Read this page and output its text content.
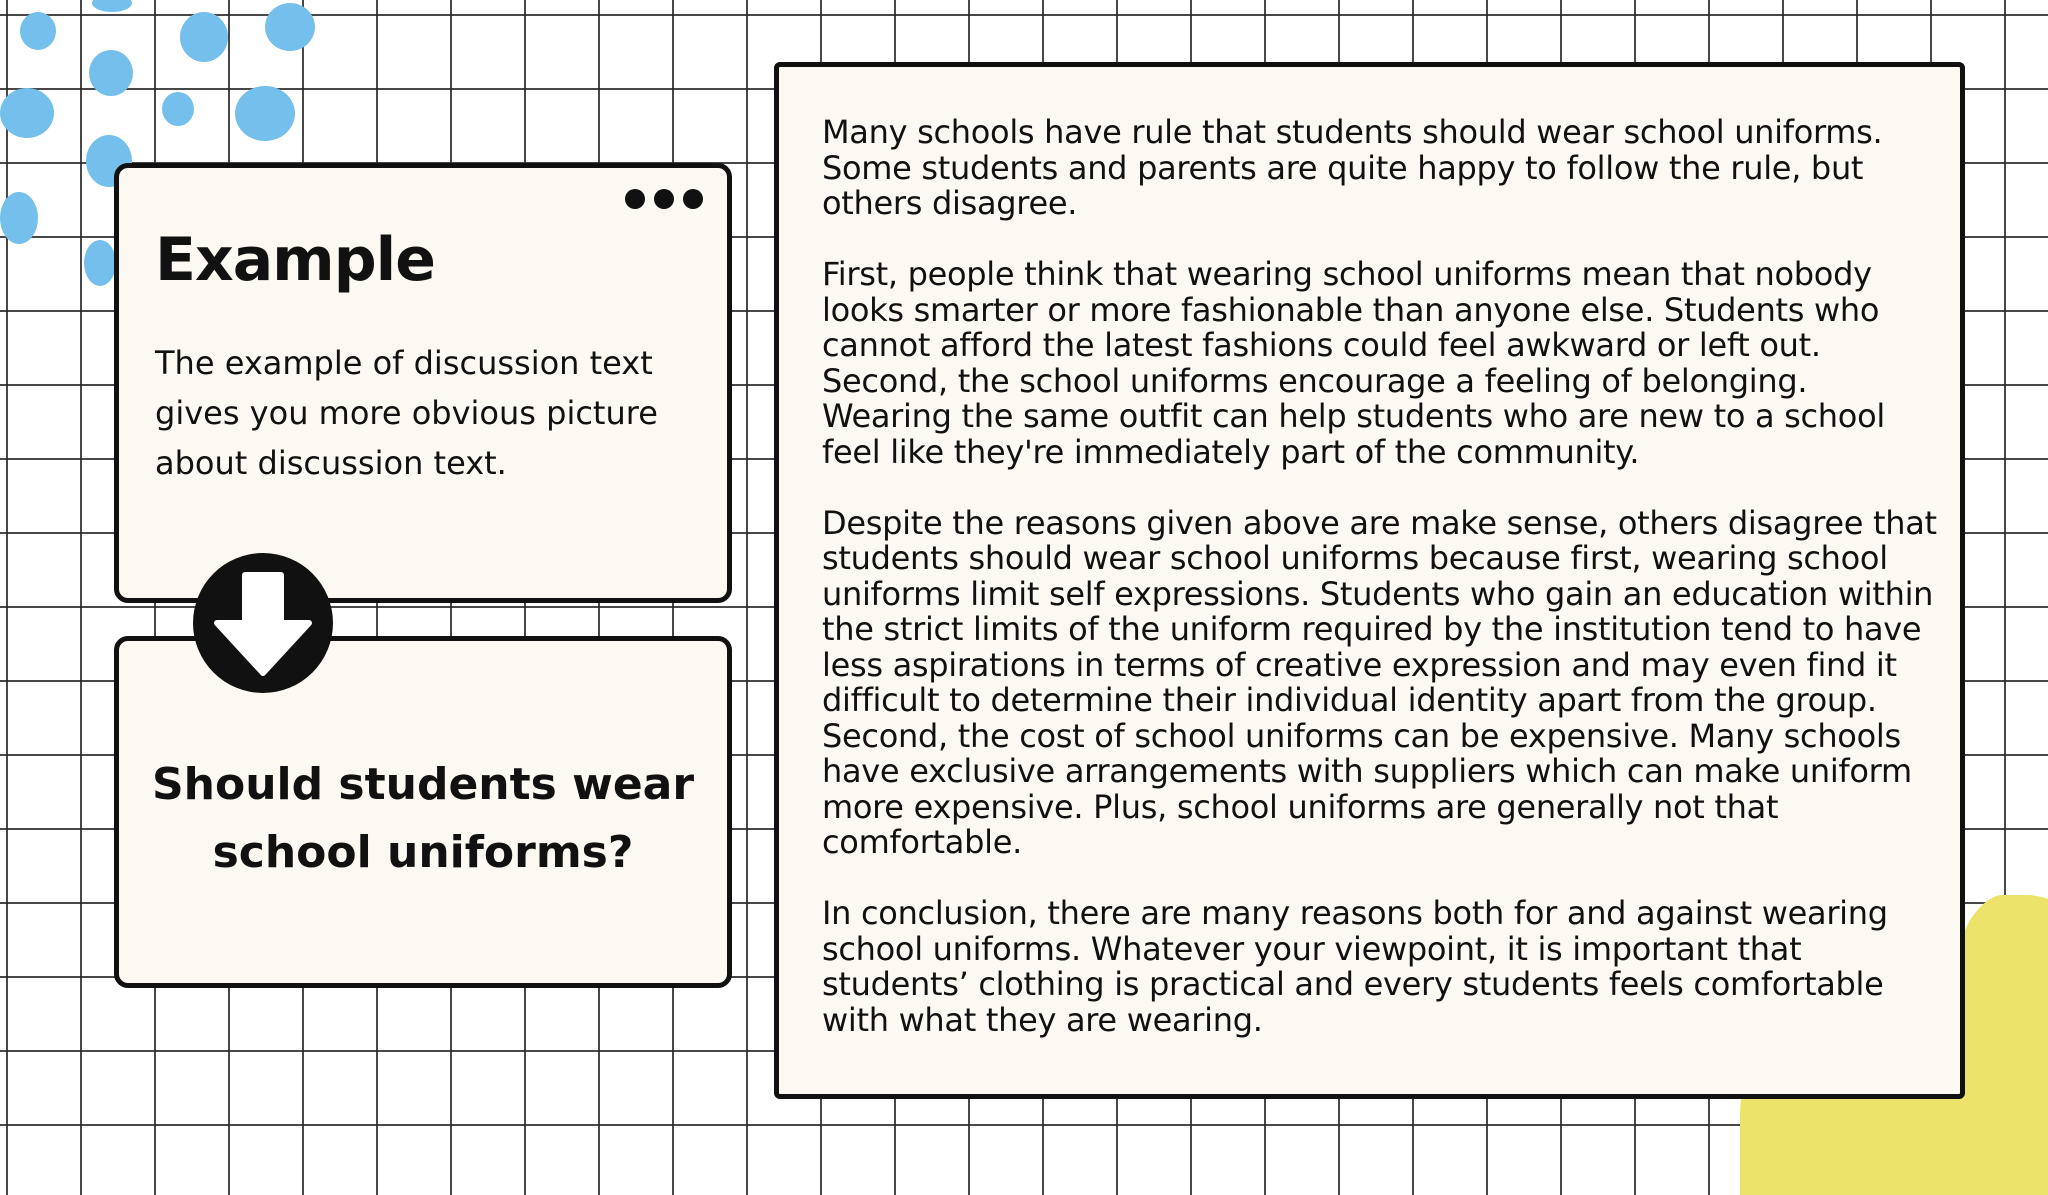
Example

The example of discussion text gives you more obvious picture about discussion text.

Should students wear school uniforms?

Many schools have rule that students should wear school uniforms. Some students and parents are quite happy to follow the rule, but others disagree.

First, people think that wearing school uniforms mean that nobody looks smarter or more fashionable than anyone else. Students who cannot afford the latest fashions could feel awkward or left out. Second, the school uniforms encourage a feeling of belonging. Wearing the same outfit can help students who are new to a school feel like they're immediately part of the community.

Despite the reasons given above are make sense, others disagree that students should wear school uniforms because first, wearing school uniforms limit self expressions. Students who gain an education within the strict limits of the uniform required by the institution tend to have less aspirations in terms of creative expression and may even find it difficult to determine their individual identity apart from the group. Second, the cost of school uniforms can be expensive. Many schools have exclusive arrangements with suppliers which can make uniform more expensive. Plus, school uniforms are generally not that comfortable.

In conclusion, there are many reasons both for and against wearing school uniforms. Whatever your viewpoint, it is important that students’ clothing is practical and every students feels comfortable with what they are wearing.
